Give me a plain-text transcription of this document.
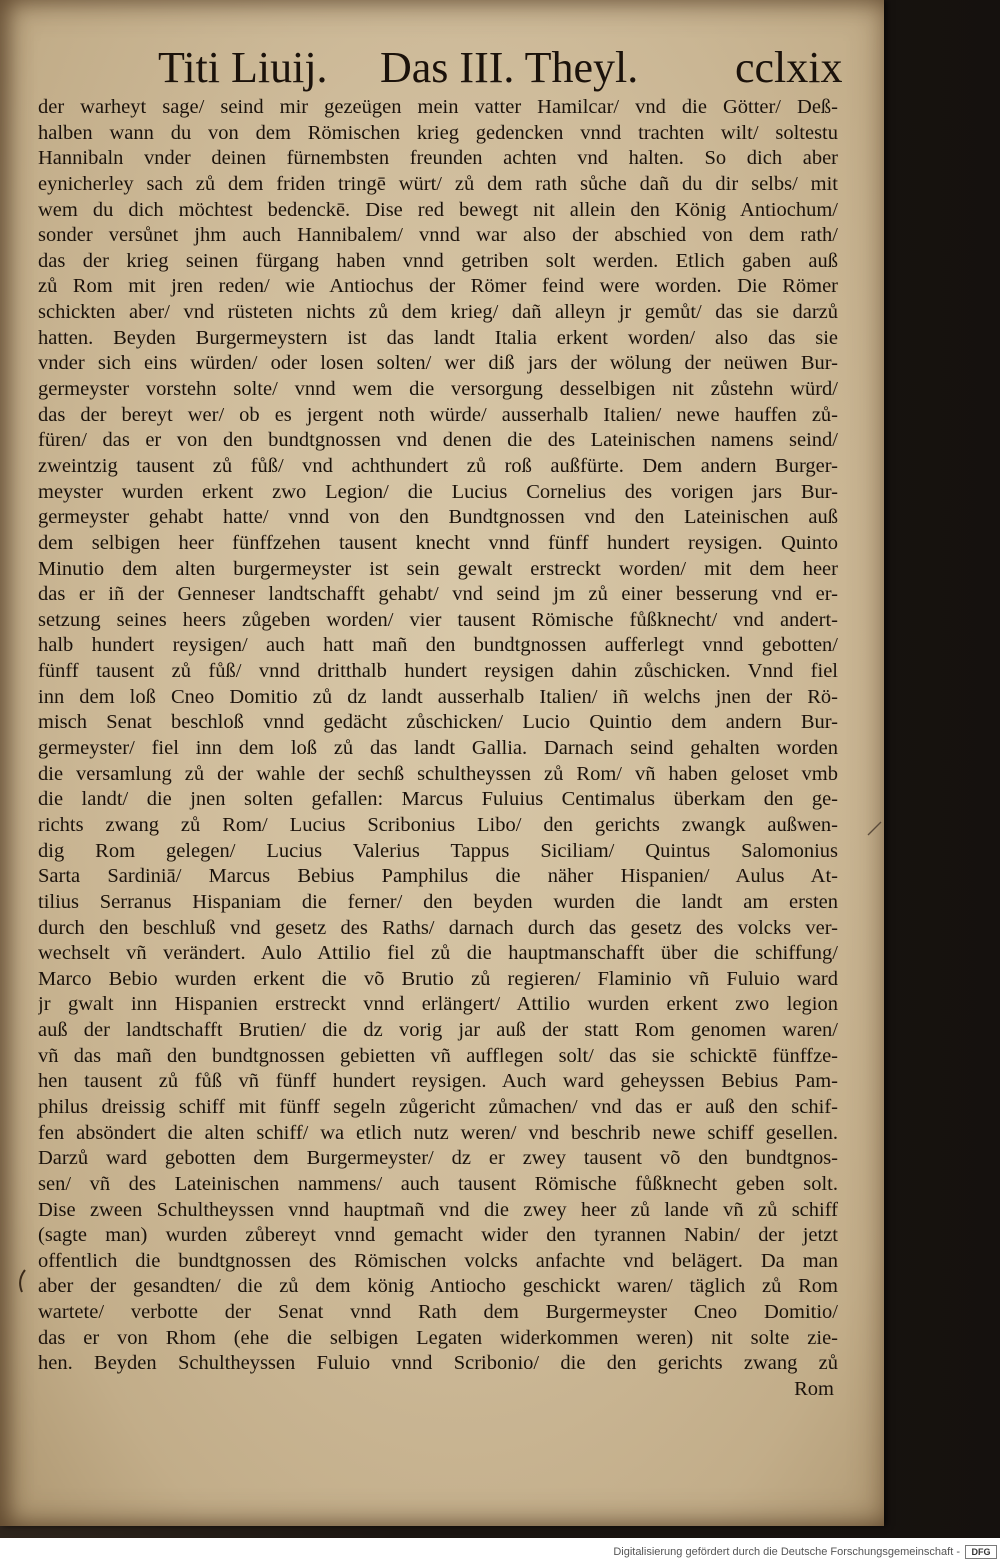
Titi Liuij. Das III. Theyl. cclxix
der warheyt sage/ seind mir gezeügen mein vatter Hamilcar/ vnd die Götter/ Deß-
halben wann du von dem Römischen krieg gedencken vnnd trachten wilt/ soltestu
Hannibaln vnder deinen fürnembsten freunden achten vnd halten. So dich aber
eynicherley sach zů dem friden tringē würt/ zů dem rath sůche dañ du dir selbs/ mit
wem du dich möchtest bedenckē. Dise red bewegt nit allein den König Antiochum/
sonder versůnet jhm auch Hannibalem/ vnnd war also der abschied von dem rath/
das der krieg seinen fürgang haben vnnd getriben solt werden. Etlich gaben auß
zů Rom mit jren reden/ wie Antiochus der Römer feind were worden. Die Römer
schickten aber/ vnd rüsteten nichts zů dem krieg/ dañ alleyn jr gemůt/ das sie darzů
hatten. Beyden Burgermeystern ist das landt Italia erkent worden/ also das sie
vnder sich eins würden/ oder losen solten/ wer diß jars der wölung der neüwen Bur-
germeyster vorstehn solte/ vnnd wem die versorgung desselbigen nit zůstehn würd/
das der bereyt wer/ ob es jergent noth würde/ ausserhalb Italien/ newe hauffen zů-
füren/ das er von den bundtgnossen vnd denen die des Lateinischen namens seind/
zweintzig tausent zů fůß/ vnd achthundert zů roß außfürte. Dem andern Burger-
meyster wurden erkent zwo Legion/ die Lucius Cornelius des vorigen jars Bur-
germeyster gehabt hatte/ vnnd von den Bundtgnossen vnd den Lateinischen auß
dem selbigen heer fünffzehen tausent knecht vnnd fünff hundert reysigen. Quinto
Minutio dem alten burgermeyster ist sein gewalt erstreckt worden/ mit dem heer
das er iñ der Genneser landtschafft gehabt/ vnd seind jm zů einer besserung vnd er-
setzung seines heers zůgeben worden/ vier tausent Römische fůßknecht/ vnd andert-
halb hundert reysigen/ auch hatt mañ den bundtgnossen aufferlegt vnnd gebotten/
fünff tausent zů fůß/ vnnd dritthalb hundert reysigen dahin zůschicken. Vnnd fiel
inn dem loß Cneo Domitio zů dz landt ausserhalb Italien/ iñ welchs jnen der Rö-
misch Senat beschloß vnnd gedächt zůschicken/ Lucio Quintio dem andern Bur-
germeyster/ fiel inn dem loß zů das landt Gallia. Darnach seind gehalten worden
die versamlung zů der wahle der sechß schultheyssen zů Rom/ vñ haben geloset vmb
die landt/ die jnen solten gefallen: Marcus Fuluius Centimalus überkam den ge-
richts zwang zů Rom/ Lucius Scribonius Libo/ den gerichts zwangk außwen-
dig Rom gelegen/ Lucius Valerius Tappus Siciliam/ Quintus Salomonius
Sarta Sardiniā/ Marcus Bebius Pamphilus die näher Hispanien/ Aulus At-
tilius Serranus Hispaniam die ferner/ den beyden wurden die landt am ersten
durch den beschluß vnd gesetz des Raths/ darnach durch das gesetz des volcks ver-
wechselt vñ verändert. Aulo Attilio fiel zů die hauptmanschafft über die schiffung/
Marco Bebio wurden erkent die võ Brutio zů regieren/ Flaminio vñ Fuluio ward
jr gwalt inn Hispanien erstreckt vnnd erlängert/ Attilio wurden erkent zwo legion
auß der landtschafft Brutien/ die dz vorig jar auß der statt Rom genomen waren/
vñ das mañ den bundtgnossen gebietten vñ aufflegen solt/ das sie schicktē fünffze-
hen tausent zů fůß vñ fünff hundert reysigen. Auch ward geheyssen Bebius Pam-
philus dreissig schiff mit fünff segeln zůgericht zůmachen/ vnd das er auß den schif-
fen absöndert die alten schiff/ wa etlich nutz weren/ vnd beschrib newe schiff gesellen.
Darzů ward gebotten dem Burgermeyster/ dz er zwey tausent võ den bundtgnos-
sen/ vñ des Lateinischen nammens/ auch tausent Römische fůßknecht geben solt.
Dise zween Schultheyssen vnnd hauptmañ vnd die zwey heer zů lande vñ zů schiff
(sagte man) wurden zůbereyt vnnd gemacht wider den tyrannen Nabin/ der jetzt
offentlich die bundtgnossen des Römischen volcks anfachte vnd belägert. Da man
aber der gesandten/ die zů dem könig Antiocho geschickt waren/ täglich zů Rom
wartete/ verbotte der Senat vnnd Rath dem Burgermeyster Cneo Domitio/
das er von Rhom (ehe die selbigen Legaten widerkommen weren) nit solte zie-
hen. Beyden Schultheyssen Fuluio vnnd Scribonio/ die den gerichts zwang zů
Rom
Digitalisierung gefördert durch die Deutsche Forschungsgemeinschaft -	DFG
